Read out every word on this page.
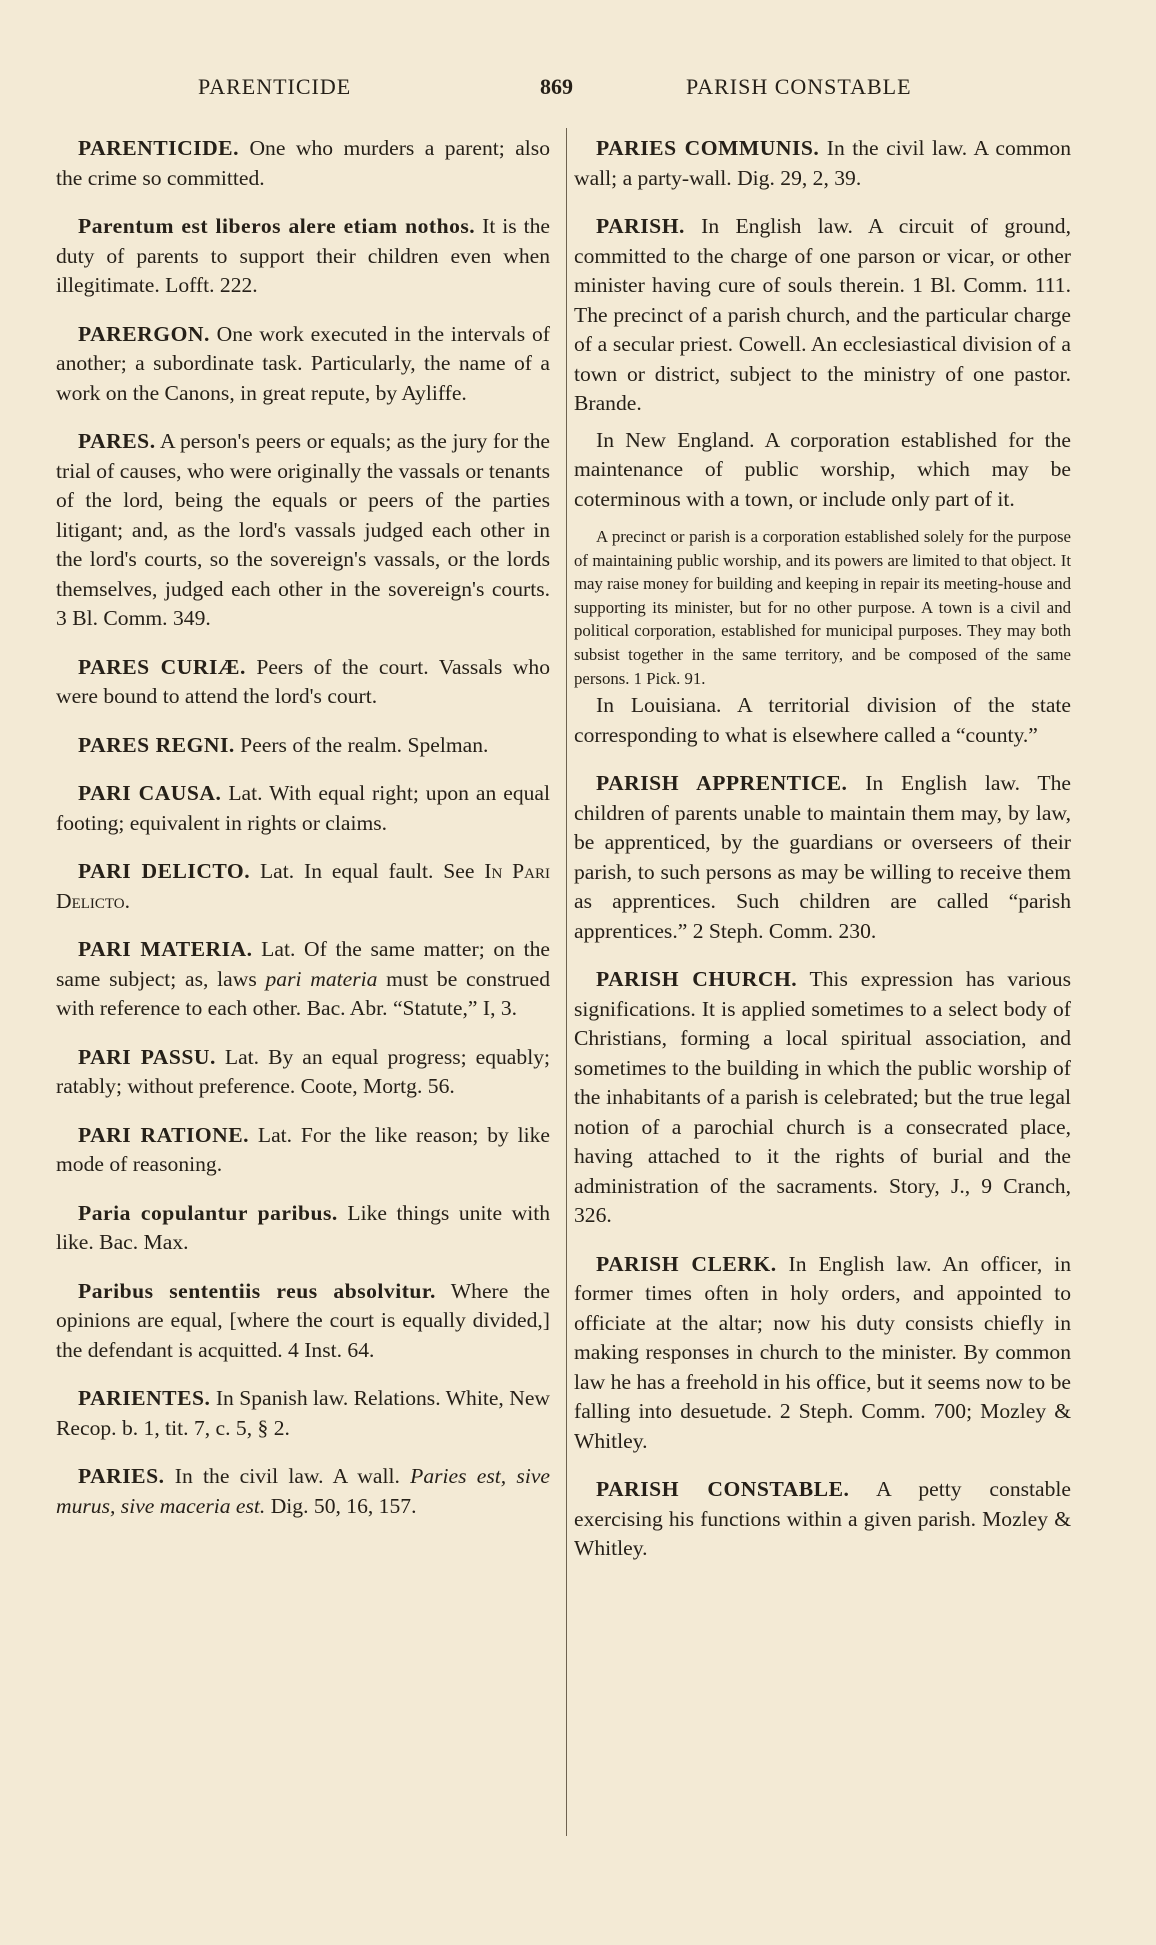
PARENTICIDE	869	PARISH CONSTABLE

PARENTICIDE. One who murders a parent; also the crime so committed.

Parentum est liberos alere etiam nothos. It is the duty of parents to support their children even when illegitimate. Lofft. 222.

PARERGON. One work executed in the intervals of another; a subordinate task. Particularly, the name of a work on the Canons, in great repute, by Ayliffe.

PARES. A person's peers or equals; as the jury for the trial of causes, who were originally the vassals or tenants of the lord, being the equals or peers of the parties litigant; and, as the lord's vassals judged each other in the lord's courts, so the sovereign's vassals, or the lords themselves, judged each other in the sovereign's courts. 3 Bl. Comm. 349.

PARES CURIÆ. Peers of the court. Vassals who were bound to attend the lord's court.

PARES REGNI. Peers of the realm. Spelman.

PARI CAUSA. Lat. With equal right; upon an equal footing; equivalent in rights or claims.

PARI DELICTO. Lat. In equal fault. See In Pari Delicto.

PARI MATERIA. Lat. Of the same matter; on the same subject; as, laws pari materia must be construed with reference to each other. Bac. Abr. “Statute,” I, 3.

PARI PASSU. Lat. By an equal progress; equably; ratably; without preference. Coote, Mortg. 56.

PARI RATIONE. Lat. For the like reason; by like mode of reasoning.

Paria copulantur paribus. Like things unite with like. Bac. Max.

Paribus sententiis reus absolvitur. Where the opinions are equal, [where the court is equally divided,] the defendant is acquitted. 4 Inst. 64.

PARIENTES. In Spanish law. Relations. White, New Recop. b. 1, tit. 7, c. 5, § 2.

PARIES. In the civil law. A wall. Paries est, sive murus, sive maceria est. Dig. 50, 16, 157.

PARIES COMMUNIS. In the civil law. A common wall; a party-wall. Dig. 29, 2, 39.

PARISH. In English law. A circuit of ground, committed to the charge of one parson or vicar, or other minister having cure of souls therein. 1 Bl. Comm. 111. The precinct of a parish church, and the particular charge of a secular priest. Cowell. An ecclesiastical division of a town or district, subject to the ministry of one pastor. Brande.

In New England. A corporation established for the maintenance of public worship, which may be coterminous with a town, or include only part of it.

A precinct or parish is a corporation established solely for the purpose of maintaining public worship, and its powers are limited to that object. It may raise money for building and keeping in repair its meeting-house and supporting its minister, but for no other purpose. A town is a civil and political corporation, established for municipal purposes. They may both subsist together in the same territory, and be composed of the same persons. 1 Pick. 91.

In Louisiana. A territorial division of the state corresponding to what is elsewhere called a “county.”

PARISH APPRENTICE. In English law. The children of parents unable to maintain them may, by law, be apprenticed, by the guardians or overseers of their parish, to such persons as may be willing to receive them as apprentices. Such children are called “parish apprentices.” 2 Steph. Comm. 230.

PARISH CHURCH. This expression has various significations. It is applied sometimes to a select body of Christians, forming a local spiritual association, and sometimes to the building in which the public worship of the inhabitants of a parish is celebrated; but the true legal notion of a parochial church is a consecrated place, having attached to it the rights of burial and the administration of the sacraments. Story, J., 9 Cranch, 326.

PARISH CLERK. In English law. An officer, in former times often in holy orders, and appointed to officiate at the altar; now his duty consists chiefly in making responses in church to the minister. By common law he has a freehold in his office, but it seems now to be falling into desuetude. 2 Steph. Comm. 700; Mozley & Whitley.

PARISH CONSTABLE. A petty constable exercising his functions within a given parish. Mozley & Whitley.
